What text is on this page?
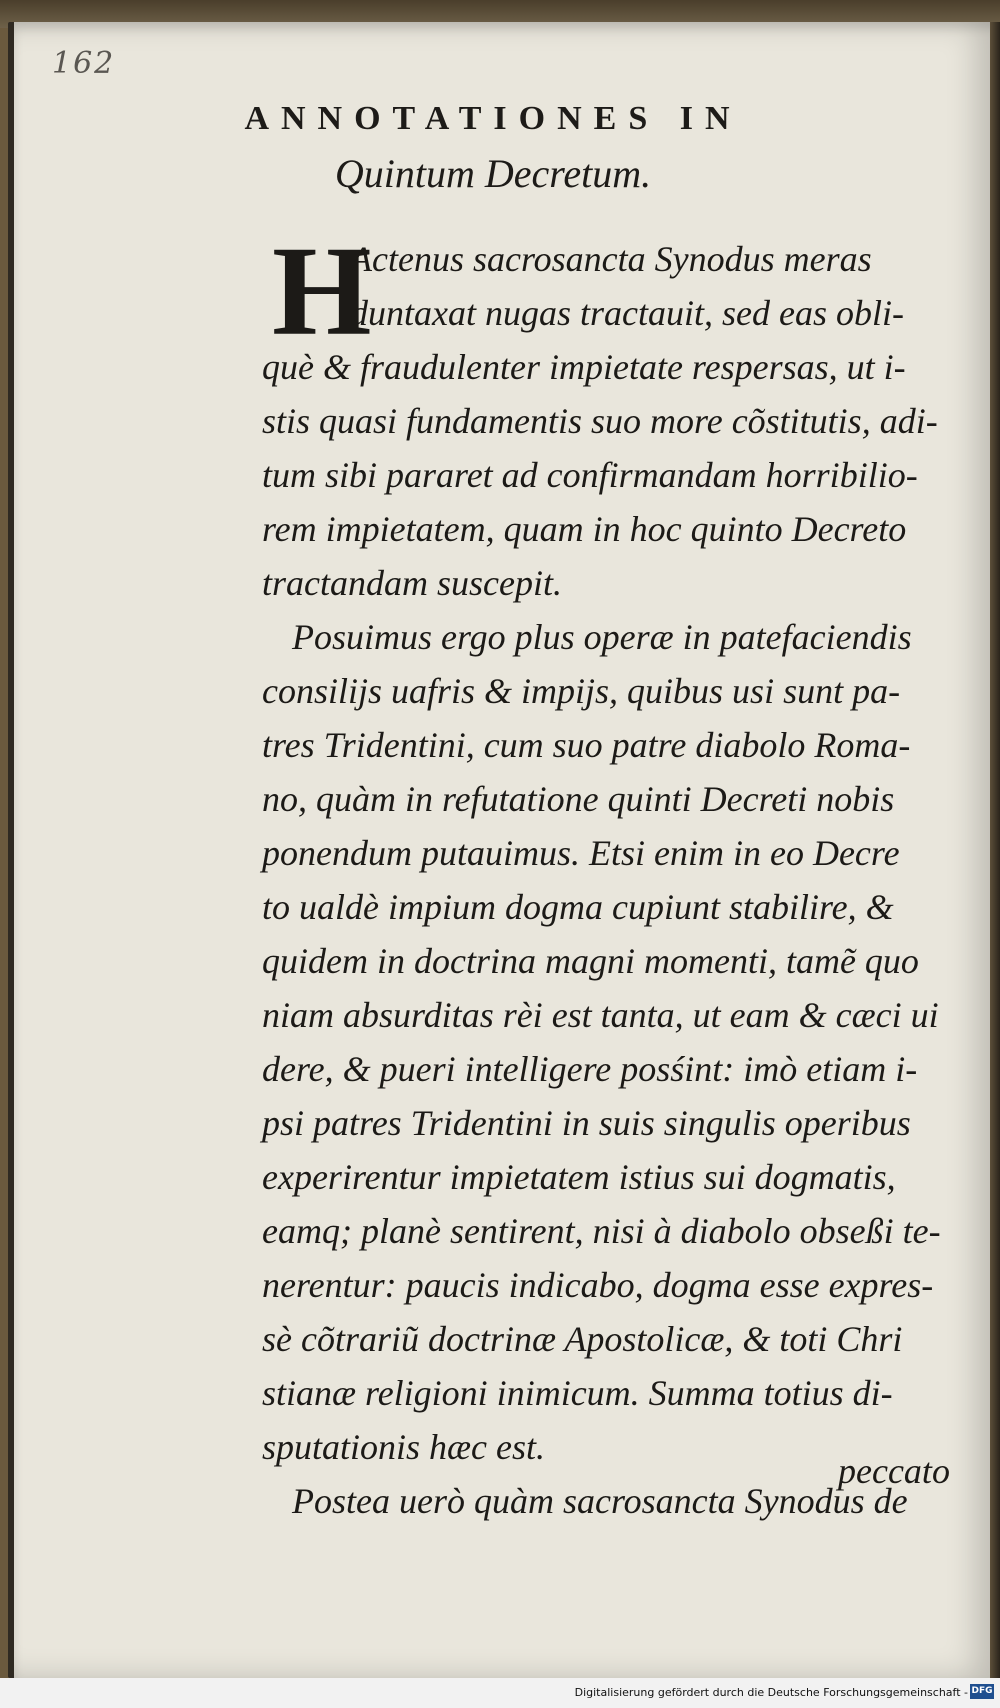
162
ANNOTATIONES IN
Quintum Decretum.
H
Actenus sacrosancta Synodus meras
duntaxat nugas tractauit, sed eas obli-
què & fraudulenter impietate respersas, ut i-
stis quasi fundamentis suo more cõstitutis, adi-
tum sibi pararet ad confirmandam horribilio-
rem impietatem, quam in hoc quinto Decreto
tractandam suscepit.
Posuimus ergo plus operæ in patefaciendis
consilijs uafris & impijs, quibus usi sunt pa-
tres Tridentini, cum suo patre diabolo Roma-
no, quàm in refutatione quinti Decreti nobis
ponendum putauimus. Etsi enim in eo Decre
to ualdè impium dogma cupiunt stabilire, &
quidem in doctrina magni momenti, tamẽ quo
niam absurditas rèi est tanta, ut eam & cæci ui
dere, & pueri intelligere posśint: imò etiam i-
psi patres Tridentini in suis singulis operibus
experirentur impietatem istius sui dogmatis,
eamq; planè sentirent, nisi à diabolo obseßi te-
nerentur: paucis indicabo, dogma esse expres-
sè cõtrariũ doctrinæ Apostolicæ, & toti Chri
stianæ religioni inimicum. Summa totius di-
sputationis hæc est.
Postea uerò quàm sacrosancta Synodus de
peccato
Digitalisierung gefördert durch die Deutsche Forschungsgemeinschaft - DFG
